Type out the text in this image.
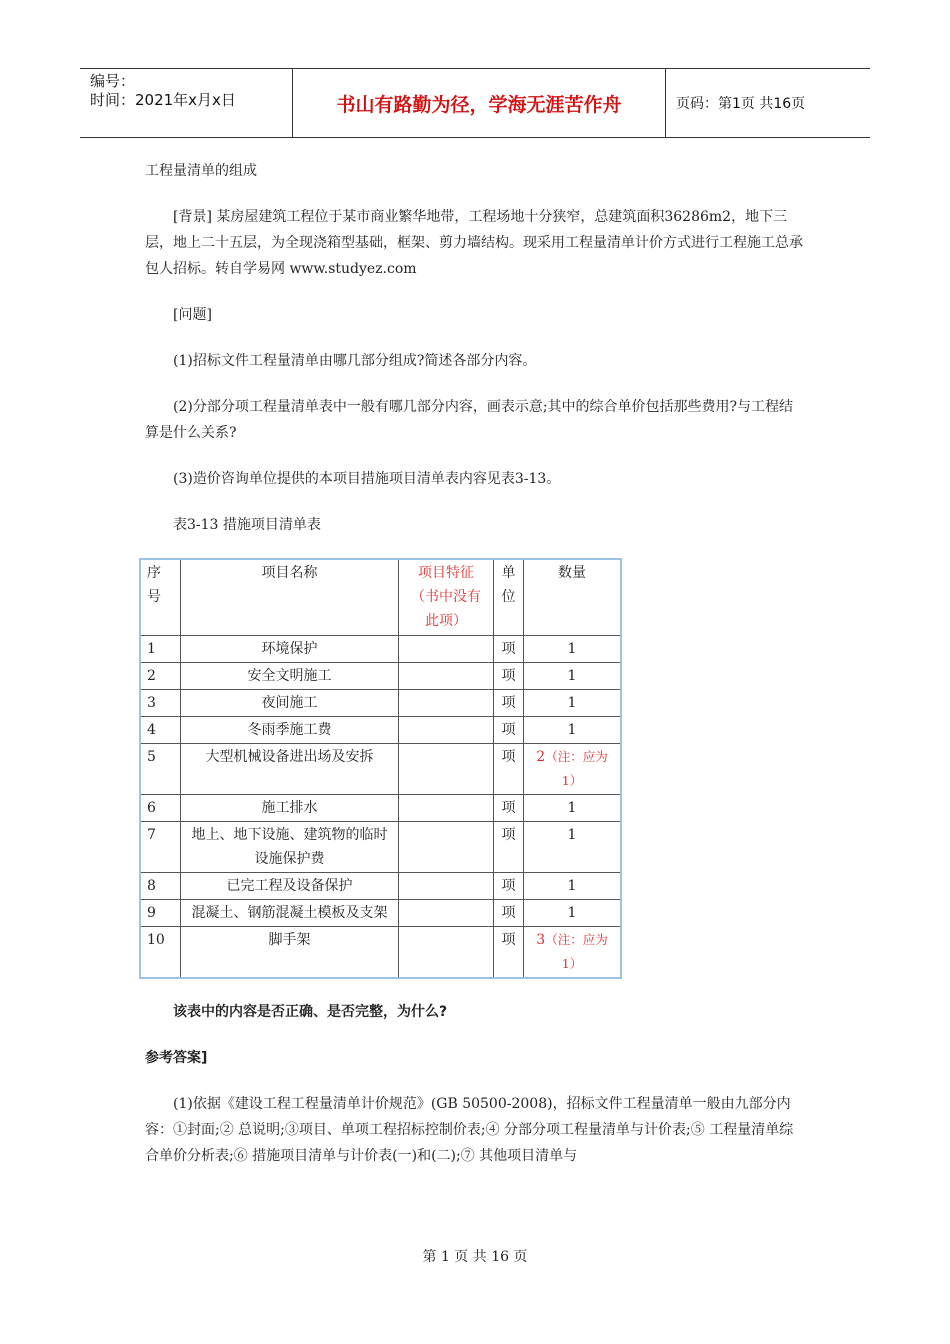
编号：
时间：2021年x月x日	书山有路勤为径，学海无涯苦作舟	页码：第1页 共16页

工程量清单的组成

[背景] 某房屋建筑工程位于某市商业繁华地带，工程场地十分狭窄，总建筑面积36286m2，地下三层，地上二十五层，为全现浇箱型基础，框架、剪力墙结构。现采用工程量清单计价方式进行工程施工总承包人招标。转自学易网 www.studyez.com

[问题]

(1)招标文件工程量清单由哪几部分组成?简述各部分内容。

(2)分部分项工程量清单表中一般有哪几部分内容，画表示意;其中的综合单价包括那些费用?与工程结算是什么关系?

(3)造价咨询单位提供的本项目措施项目清单表内容见表3-13。

表3-13 措施项目清单表

序号	项目名称	项目特征（书中没有此项）	单位	数量
1	环境保护		项	1
2	安全文明施工		项	1
3	夜间施工		项	1
4	冬雨季施工费		项	1
5	大型机械设备进出场及安拆		项	2（注：应为1）
6	施工排水		项	1
7	地上、地下设施、建筑物的临时设施保护费		项	1
8	已完工程及设备保护		项	1
9	混凝土、钢筋混凝土模板及支架		项	1
10	脚手架		项	3（注：应为1）

该表中的内容是否正确、是否完整，为什么?

参考答案]

(1)依据《建设工程工程量清单计价规范》(GB 50500-2008)，招标文件工程量清单一般由九部分内容：①封面;② 总说明;③项目、单项工程招标控制价表;④ 分部分项工程量清单与计价表;⑤ 工程量清单综合单价分析表;⑥ 措施项目清单与计价表(一)和(二);⑦ 其他项目清单与

第 1 页 共 16 页
